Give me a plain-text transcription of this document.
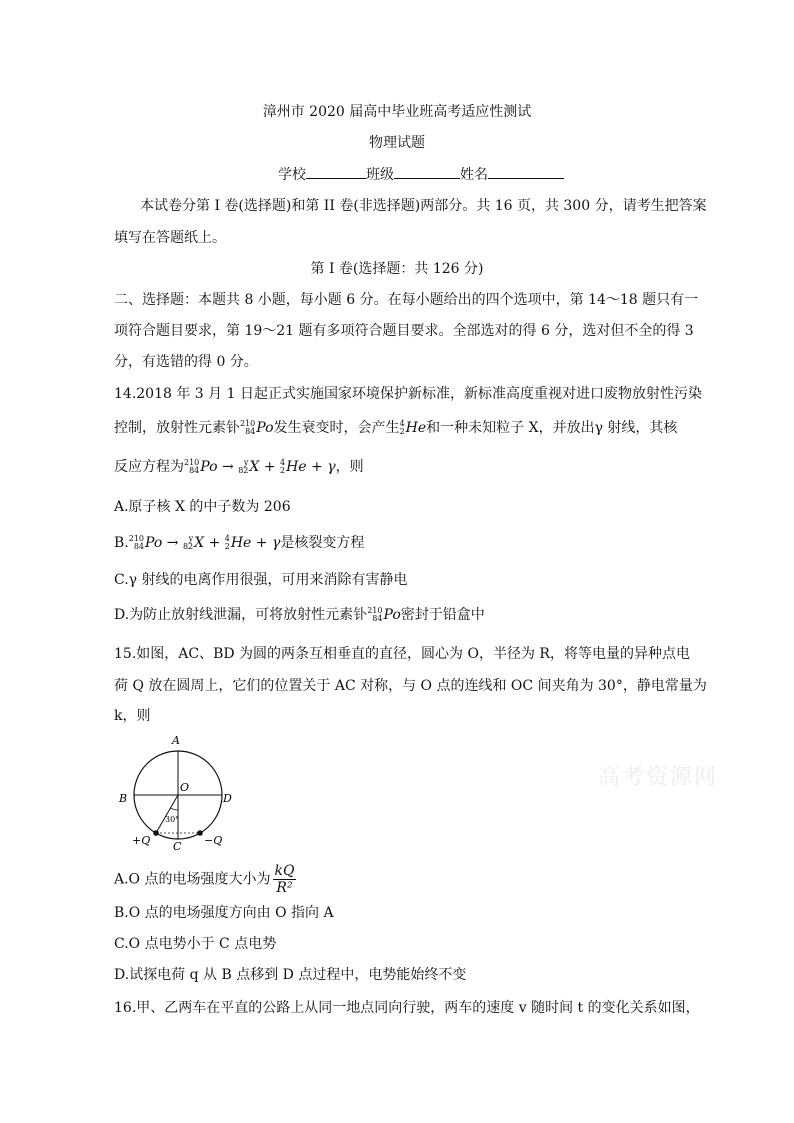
漳州市 2020 届高中毕业班高考适应性测试
物理试题
学校	班级	姓名
本试卷分第 I 卷(选择题)和第 II 卷(非选择题)两部分。共 16 页，共 300 分，请考生把答案
填写在答题纸上。
第 I 卷(选择题：共 126 分)
二、选择题：本题共 8 小题，每小题 6 分。在每小题给出的四个选项中，第 14～18 题只有一
项符合题目要求，第 19～21 题有多项符合题目要求。全部选对的得 6 分，选对但不全的得 3
分，有选错的得 0 分。
14.2018 年 3 月 1 日起正式实施国家环境保护新标准，新标准高度重视对进口废物放射性污染
控制，放射性元素钋 210
84 Po发生衰变时，会产生 4
2 He和一种未知粒子 X，并放出γ 射线，其核
反应方程为 210
84 Po →	y
82 X + 4
2 He + γ，则
A.原子核 X 的中子数为 206
B. 210
84 Po →	y
82 X + 4
2 He + γ是核裂变方程
C.γ 射线的电离作用很强，可用来消除有害静电
D.为防止放射线泄漏，可将放射性元素钋 210
84 Po密封于铅盒中
15.如图，AC、BD 为圆的两条互相垂直的直径，圆心为 O，半径为 R，将等电量的异种点电
荷 Q 放在圆周上，它们的位置关于 AC 对称，与 O 点的连线和 OC 间夹角为 30°，静电常量为
k，则
A
B	D
O
C
30°
+Q	−Q
A.O 点的电场强度大小为 $\frac{kQ}{\text{R²}}$
B.O 点的电场强度方向由 O 指向 A
C.O 点电势小于 C 点电势
D.试探电荷 q 从 B 点移到 D 点过程中，电势能始终不变
16.甲、乙两车在平直的公路上从同一地点同向行驶，两车的速度 v 随时间 t 的变化关系如图，
高考资源网
